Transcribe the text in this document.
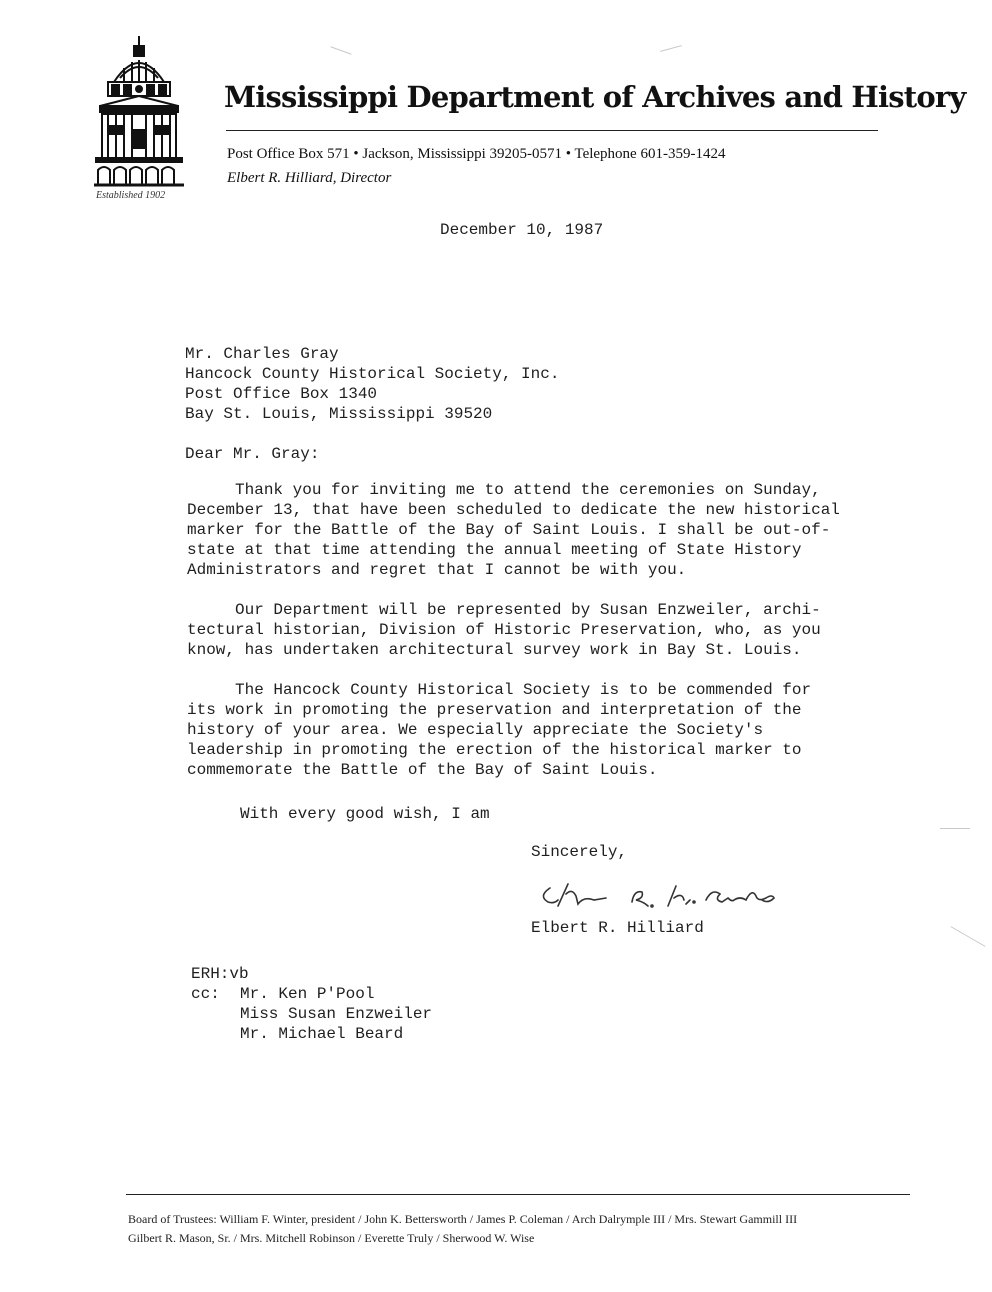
Mississippi Department of Archives and History
Post Office Box 571 • Jackson, Mississippi 39205-0571 • Telephone 601-359-1424
Elbert R. Hilliard, Director
Established 1902
December 10, 1987
Mr. Charles Gray
Hancock County Historical Society, Inc.
Post Office Box 1340
Bay St. Louis, Mississippi 39520
Dear Mr. Gray:
Thank you for inviting me to attend the ceremonies on Sunday,
December 13, that have been scheduled to dedicate the new historical
marker for the Battle of the Bay of Saint Louis. I shall be out-of-
state at that time attending the annual meeting of State History
Administrators and regret that I cannot be with you.
Our Department will be represented by Susan Enzweiler, archi-
tectural historian, Division of Historic Preservation, who, as you
know, has undertaken architectural survey work in Bay St. Louis.
The Hancock County Historical Society is to be commended for
its work in promoting the preservation and interpretation of the
history of your area. We especially appreciate the Society's
leadership in promoting the erection of the historical marker to
commemorate the Battle of the Bay of Saint Louis.
With every good wish, I am
Sincerely,
Elbert R. Hilliard
ERH:vb
cc: Mr. Ken P'Pool
Miss Susan Enzweiler
Mr. Michael Beard
Board of Trustees: William F. Winter, president / John K. Bettersworth / James P. Coleman / Arch Dalrymple III / Mrs. Stewart Gammill III
Gilbert R. Mason, Sr. / Mrs. Mitchell Robinson / Everette Truly / Sherwood W. Wise
